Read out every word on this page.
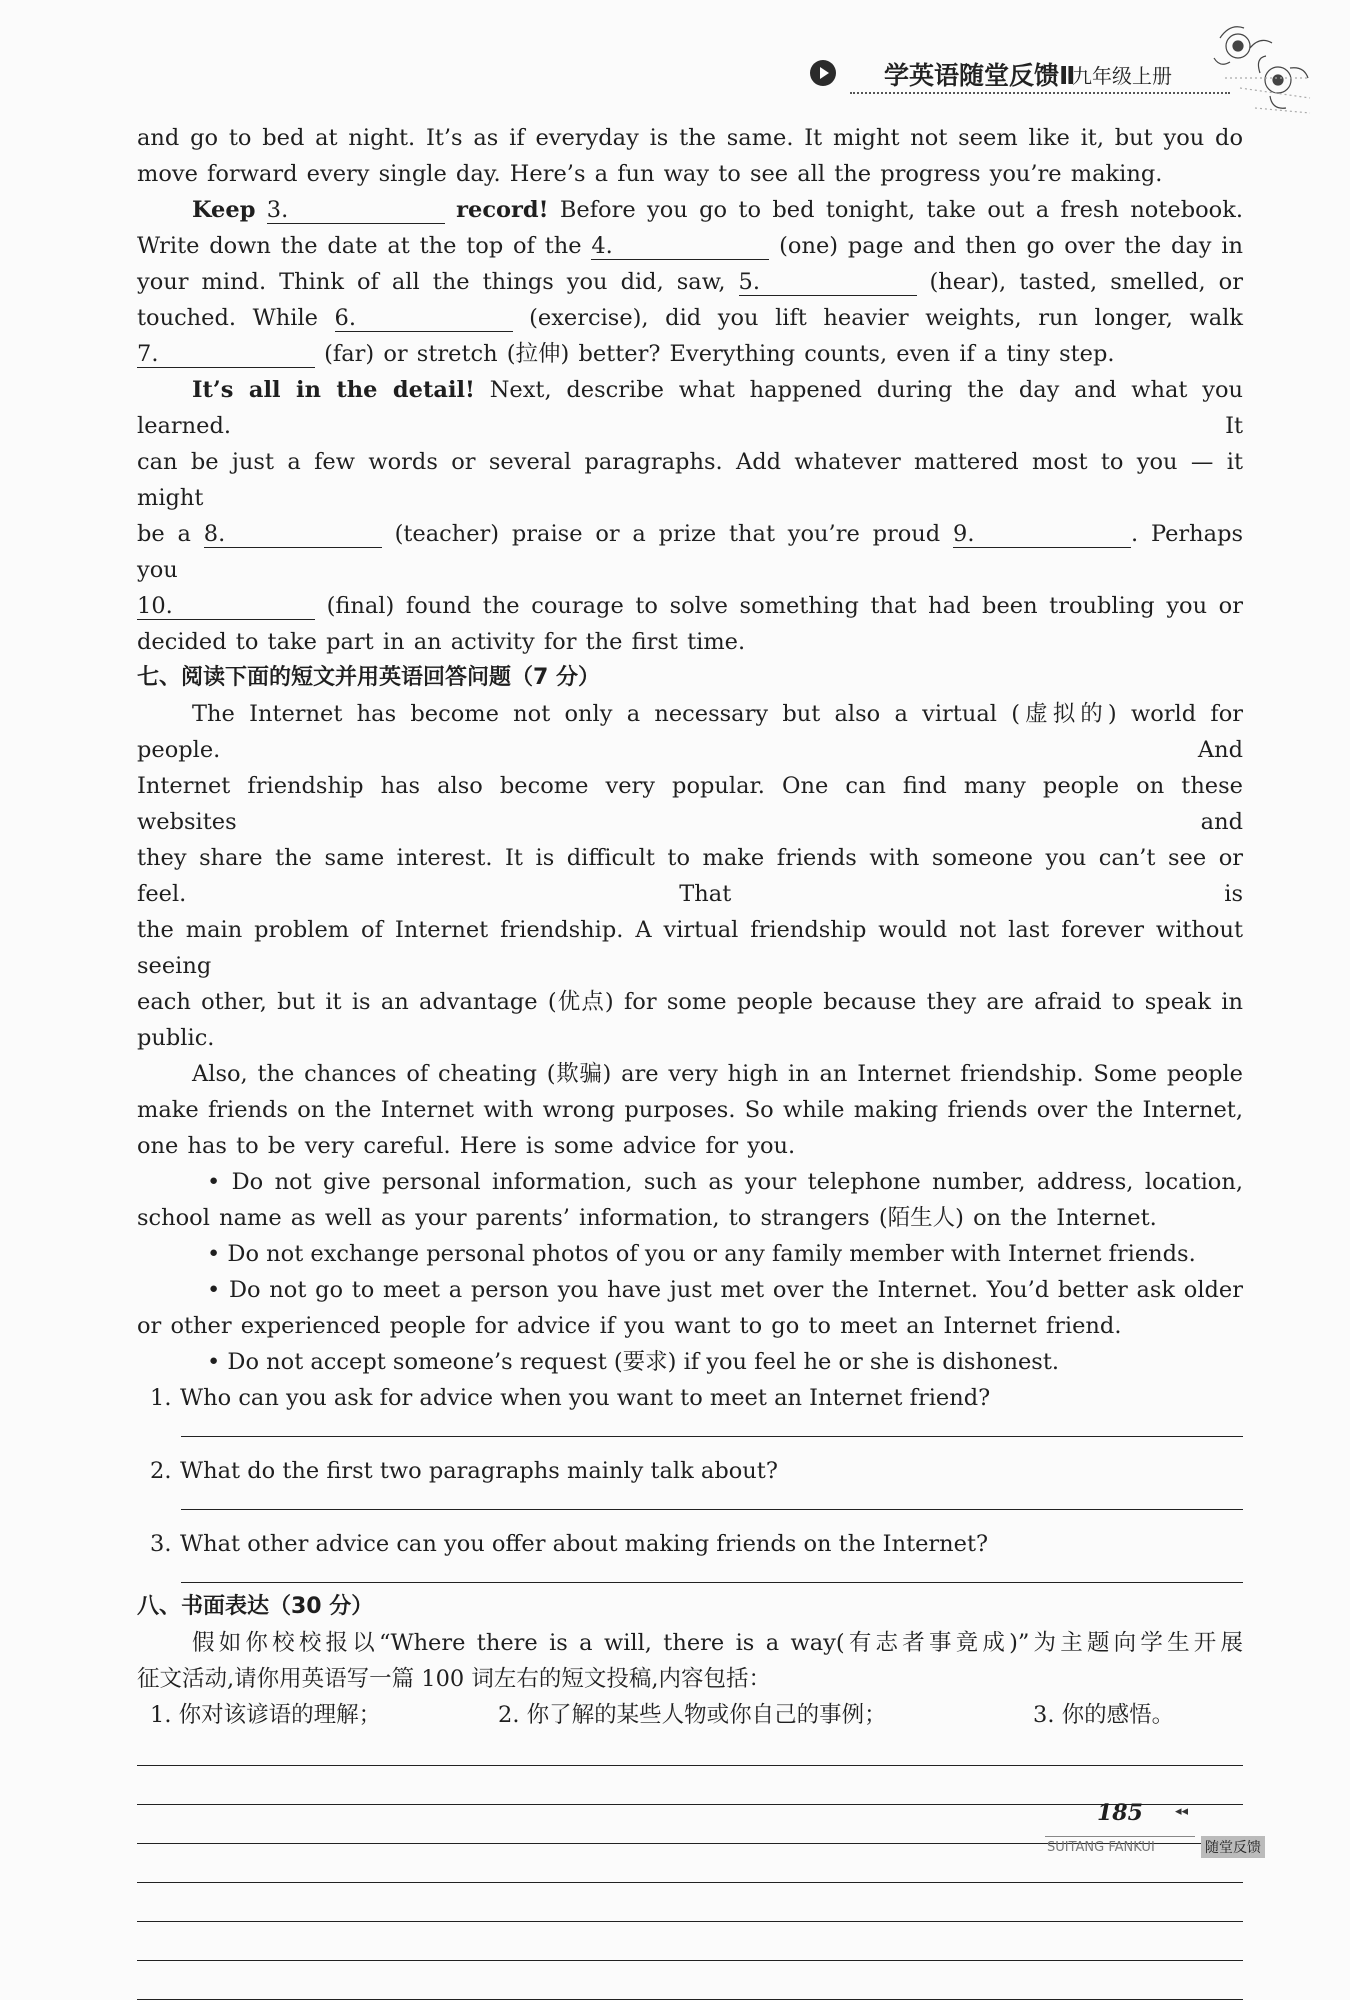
学英语随堂反馈Ⅱ
九年级上册

and go to bed at night. It’s as if everyday is the same. It might not seem like it, but you do

move forward every single day. Here’s a fun way to see all the progress you’re making.

Keep 3.	record! Before you go to bed tonight, take out a fresh notebook.

Write down the date at the top of the 4.	(one) page and then go over the day in

your mind. Think of all the things you did, saw, 5.	(hear), tasted, smelled, or

touched. While 6.	(exercise), did you lift heavier weights, run longer, walk

7.	(far) or stretch (拉伸) better? Everything counts, even if a tiny step.

It’s all in the detail! Next, describe what happened during the day and what you learned. It

can be just a few words or several paragraphs. Add whatever mattered most to you — it might

be a 8.	(teacher) praise or a prize that you’re proud 9.	. Perhaps you

10.	(final) found the courage to solve something that had been troubling you or

decided to take part in an activity for the first time.

七、阅读下面的短文并用英语回答问题（7 分）

The Internet has become not only a necessary but also a virtual (虚拟的) world for people. And

Internet friendship has also become very popular. One can find many people on these websites and

they share the same interest. It is difficult to make friends with someone you can’t see or feel. That is

the main problem of Internet friendship. A virtual friendship would not last forever without seeing

each other, but it is an advantage (优点) for some people because they are afraid to speak in public.

Also, the chances of cheating (欺骗) are very high in an Internet friendship. Some people

make friends on the Internet with wrong purposes. So while making friends over the Internet,

one has to be very careful. Here is some advice for you.

• Do not give personal information, such as your telephone number, address, location,

school name as well as your parents’ information, to strangers (陌生人) on the Internet.

• Do not exchange personal photos of you or any family member with Internet friends.

• Do not go to meet a person you have just met over the Internet. You’d better ask older

or other experienced people for advice if you want to go to meet an Internet friend.

• Do not accept someone’s request (要求) if you feel he or she is dishonest.

1. Who can you ask for advice when you want to meet an Internet friend?

2. What do the first two paragraphs mainly talk about?

3. What other advice can you offer about making friends on the Internet?

八、书面表达（30 分）

假如你校校报以“Where there is a will, there is a way(有志者事竟成)”为主题向学生开展

征文活动,请你用英语写一篇 100 词左右的短文投稿,内容包括：

1. 你对该谚语的理解；	2. 你了解的某些人物或你自己的事例；	3. 你的感悟。
185 ◂◂
SUITANG FANKUI	随堂反馈
